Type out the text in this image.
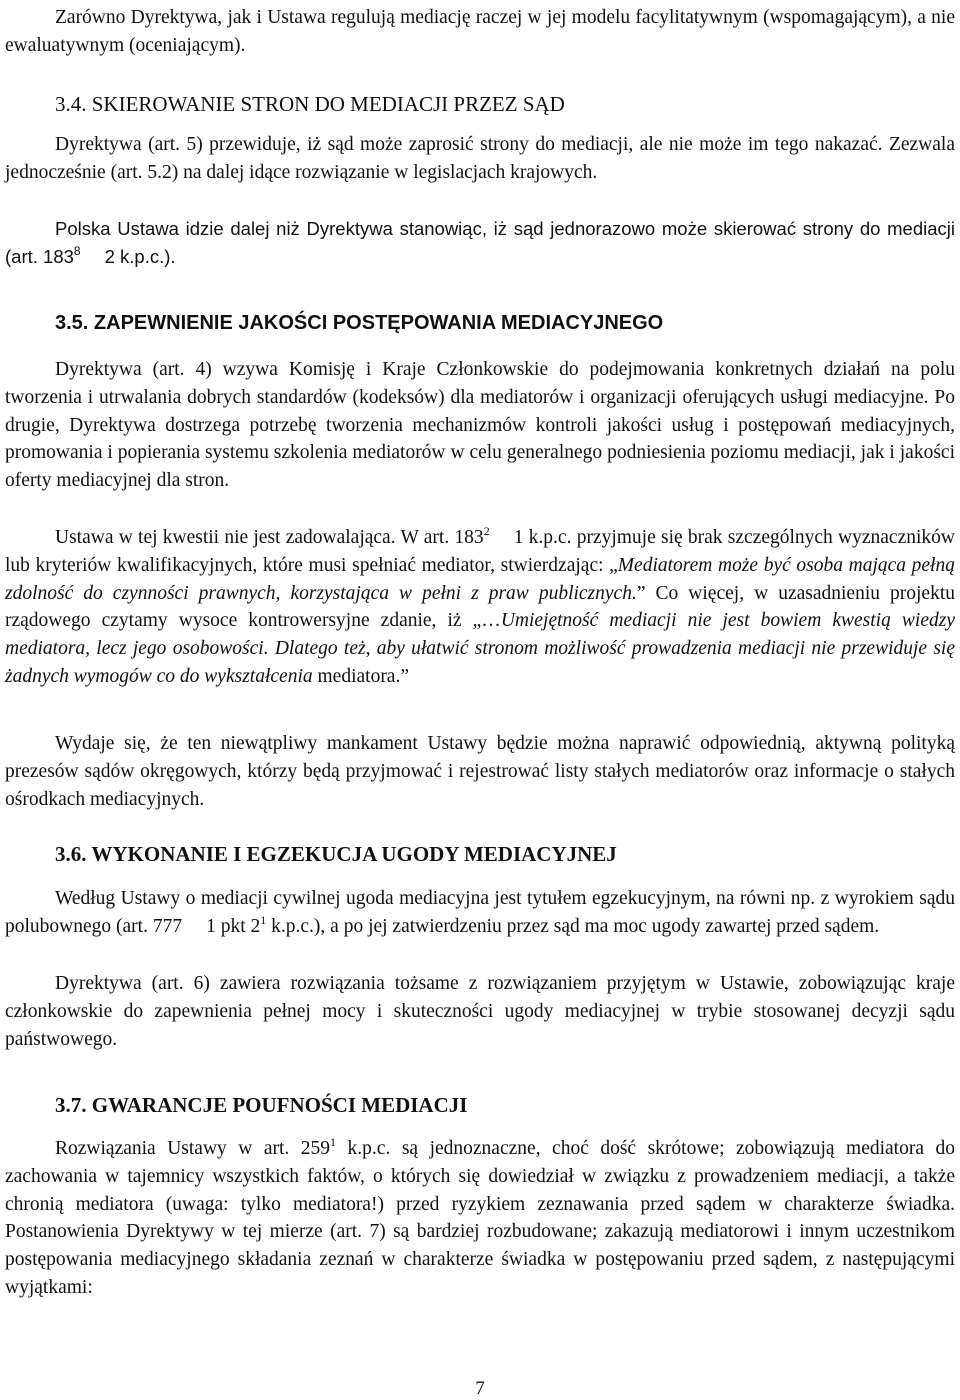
Zarówno Dyrektywa, jak i Ustawa regulują mediację raczej w jej modelu facylitatywnym (wspomagającym), a nie ewaluatywnym (oceniającym).

3.4. SKIEROWANIE STRON DO MEDIACJI PRZEZ SĄD

Dyrektywa (art. 5) przewiduje, iż sąd może zaprosić strony do mediacji, ale nie może im tego nakazać. Zezwala jednocześnie (art. 5.2) na dalej idące rozwiązanie w legislacjach krajowych.

Polska Ustawa idzie dalej niż Dyrektywa stanowiąc, iż sąd jednorazowo może skierować strony do mediacji (art. $183^8$ 2 k.p.c.).

3.5. ZAPEWNIENIE JAKOŚCI POSTĘPOWANIA MEDIACYJNEGO

Dyrektywa (art. 4) wzywa Komisję i Kraje Członkowskie do podejmowania konkretnych działań na polu tworzenia i utrwalania dobrych standardów (kodeksów) dla mediatorów i organizacji oferujących usługi mediacyjne. Po drugie, Dyrektywa dostrzega potrzebę tworzenia mechanizmów kontroli jakości usług i postępowań mediacyjnych, promowania i popierania systemu szkolenia mediatorów w celu generalnego podniesienia poziomu mediacji, jak i jakości oferty mediacyjnej dla stron.

Ustawa w tej kwestii nie jest zadowalająca. W art. $183^2$ 1 k.p.c. przyjmuje się brak szczególnych wyznaczników lub kryteriów kwalifikacyjnych, które musi spełniać mediator, stwierdzając: „Mediatorem może być osoba mająca pełną zdolność do czynności prawnych, korzystająca w pełni z praw publicznych.” Co więcej, w uzasadnieniu projektu rządowego czytamy wysoce kontrowersyjne zdanie, iż „…Umiejętność mediacji nie jest bowiem kwestią wiedzy mediatora, lecz jego osobowości. Dlatego też, aby ułatwić stronom możliwość prowadzenia mediacji nie przewiduje się żadnych wymogów co do wykształcenia mediatora.”

Wydaje się, że ten niewątpliwy mankament Ustawy będzie można naprawić odpowiednią, aktywną polityką prezesów sądów okręgowych, którzy będą przyjmować i rejestrować listy stałych mediatorów oraz informacje o stałych ośrodkach mediacyjnych.

3.6. WYKONANIE I EGZEKUCJA UGODY MEDIACYJNEJ

Według Ustawy o mediacji cywilnej ugoda mediacyjna jest tytułem egzekucyjnym, na równi np. z wyrokiem sądu polubownego (art. 777 1 pkt $2^1$ k.p.c.), a po jej zatwierdzeniu przez sąd ma moc ugody zawartej przed sądem.

Dyrektywa (art. 6) zawiera rozwiązania tożsame z rozwiązaniem przyjętym w Ustawie, zobowiązując kraje członkowskie do zapewnienia pełnej mocy i skuteczności ugody mediacyjnej w trybie stosowanej decyzji sądu państwowego.

3.7. GWARANCJE POUFNOŚCI MEDIACJI

Rozwiązania Ustawy w art. $259^1$ k.p.c. są jednoznaczne, choć dość skrótowe; zobowiązują mediatora do zachowania w tajemnicy wszystkich faktów, o których się dowiedział w związku z prowadzeniem mediacji, a także chronią mediatora (uwaga: tylko mediatora!) przed ryzykiem zeznawania przed sądem w charakterze świadka. Postanowienia Dyrektywy w tej mierze (art. 7) są bardziej rozbudowane; zakazują mediatorowi i innym uczestnikom postępowania mediacyjnego składania zeznań w charakterze świadka w postępowaniu przed sądem, z następującymi wyjątkami:

7
